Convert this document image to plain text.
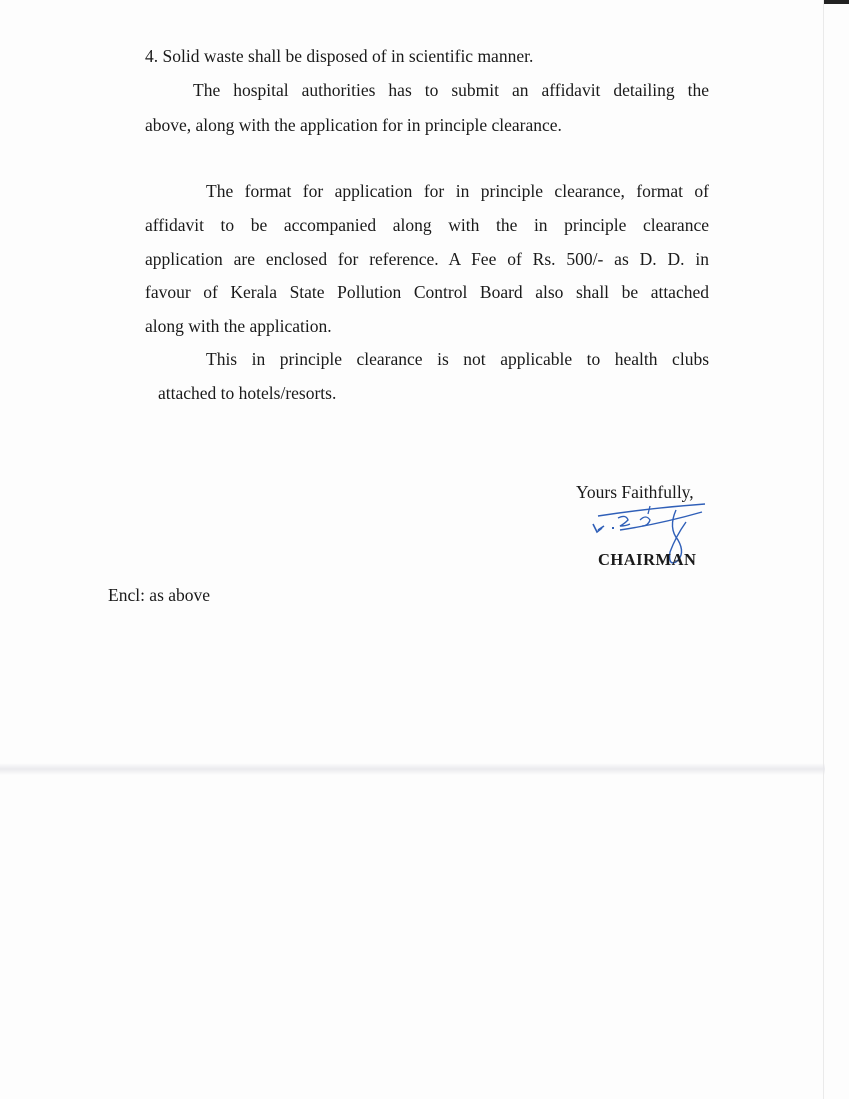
4. Solid waste shall be disposed of in scientific manner.
The hospital authorities has to submit an affidavit detailing the
above, along with the application for in principle clearance.
The format for application for in principle clearance, format of
affidavit to be accompanied along with the in principle clearance
application are enclosed for reference. A Fee of Rs. 500/- as D. D. in
favour of Kerala State Pollution Control Board also shall be attached
along with the application.
This in principle clearance is not applicable to health clubs
attached to hotels/resorts.
Yours Faithfully,
CHAIRMAN
Encl: as above
